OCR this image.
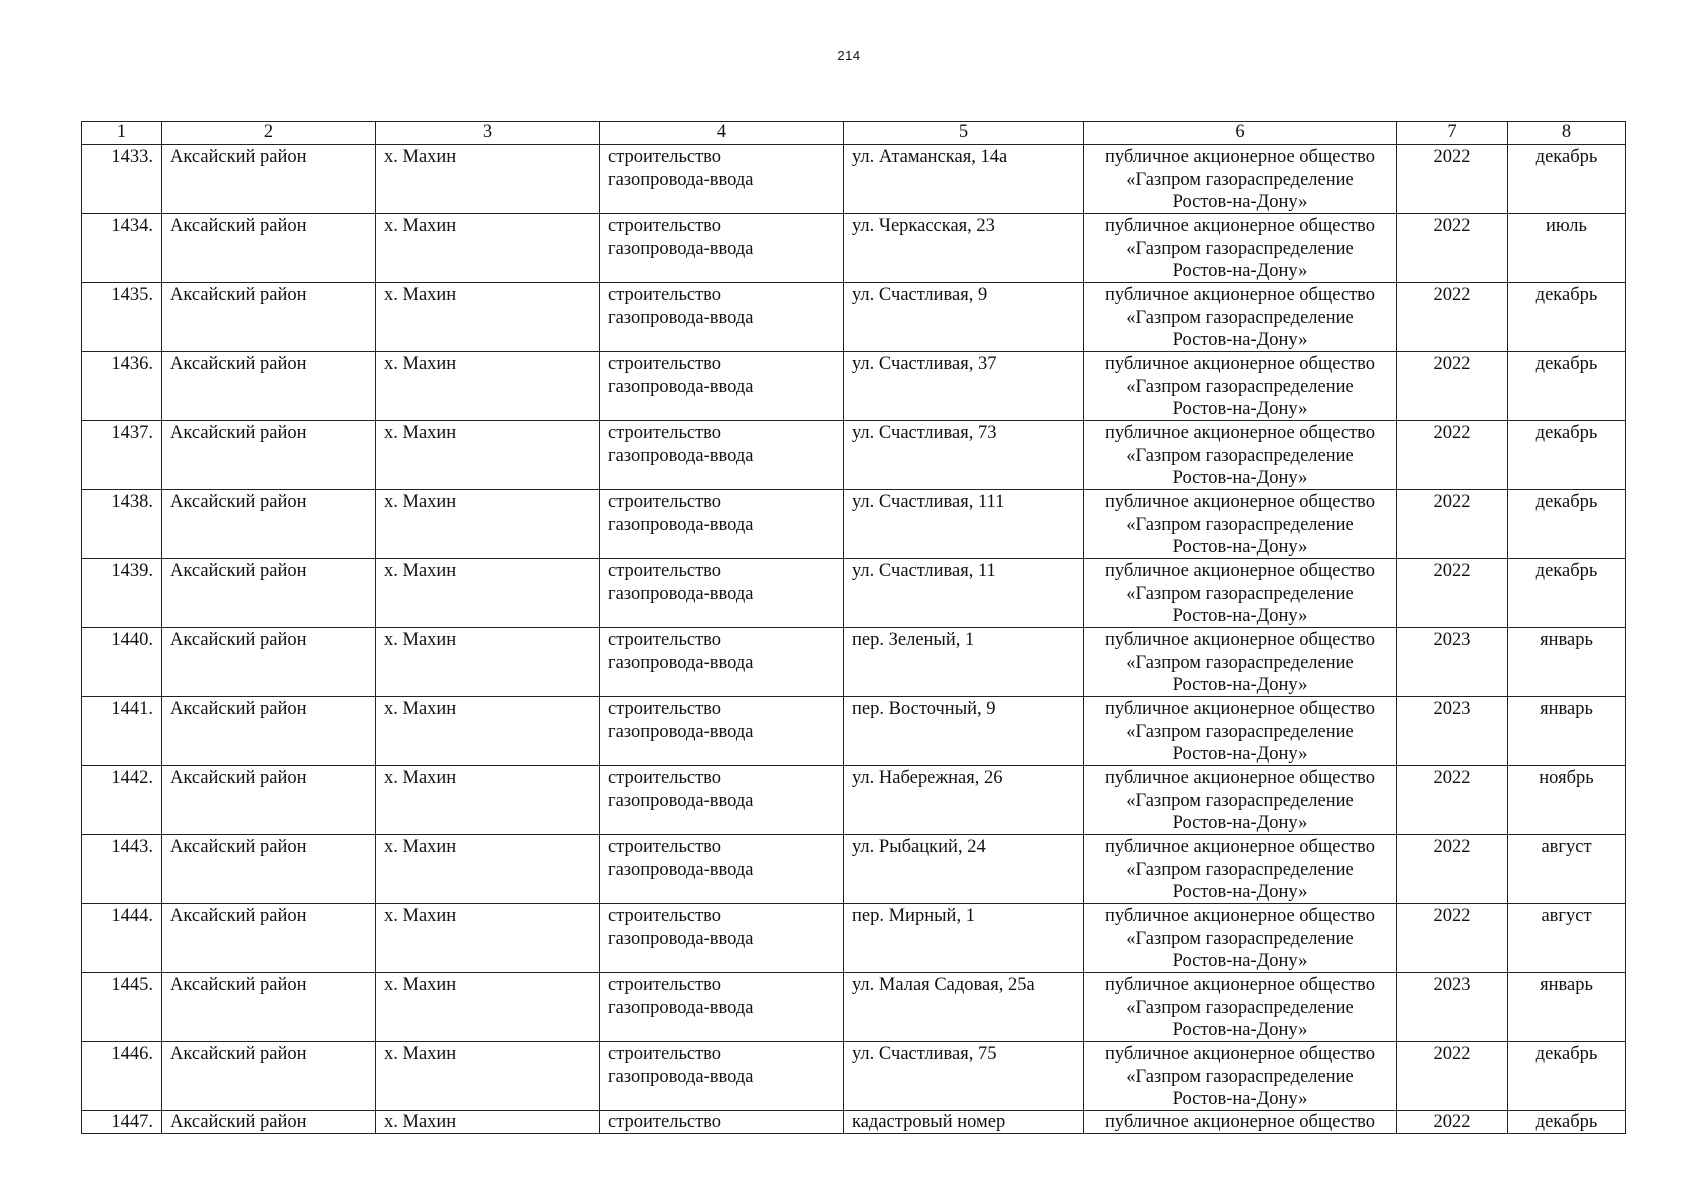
214
1	2	3	4	5	6	7	8
1433.	Аксайский район	х. Махин	строительство
газопровода-ввода	ул. Атаманская, 14а	публичное акционерное общество
«Газпром газораспределение
Ростов-на-Дону»	2022	декабрь
1434.	Аксайский район	х. Махин	строительство
газопровода-ввода	ул. Черкасская, 23	публичное акционерное общество
«Газпром газораспределение
Ростов-на-Дону»	2022	июль
1435.	Аксайский район	х. Махин	строительство
газопровода-ввода	ул. Счастливая, 9	публичное акционерное общество
«Газпром газораспределение
Ростов-на-Дону»	2022	декабрь
1436.	Аксайский район	х. Махин	строительство
газопровода-ввода	ул. Счастливая, 37	публичное акционерное общество
«Газпром газораспределение
Ростов-на-Дону»	2022	декабрь
1437.	Аксайский район	х. Махин	строительство
газопровода-ввода	ул. Счастливая, 73	публичное акционерное общество
«Газпром газораспределение
Ростов-на-Дону»	2022	декабрь
1438.	Аксайский район	х. Махин	строительство
газопровода-ввода	ул. Счастливая, 111	публичное акционерное общество
«Газпром газораспределение
Ростов-на-Дону»	2022	декабрь
1439.	Аксайский район	х. Махин	строительство
газопровода-ввода	ул. Счастливая, 11	публичное акционерное общество
«Газпром газораспределение
Ростов-на-Дону»	2022	декабрь
1440.	Аксайский район	х. Махин	строительство
газопровода-ввода	пер. Зеленый, 1	публичное акционерное общество
«Газпром газораспределение
Ростов-на-Дону»	2023	январь
1441.	Аксайский район	х. Махин	строительство
газопровода-ввода	пер. Восточный, 9	публичное акционерное общество
«Газпром газораспределение
Ростов-на-Дону»	2023	январь
1442.	Аксайский район	х. Махин	строительство
газопровода-ввода	ул. Набережная, 26	публичное акционерное общество
«Газпром газораспределение
Ростов-на-Дону»	2022	ноябрь
1443.	Аксайский район	х. Махин	строительство
газопровода-ввода	ул. Рыбацкий, 24	публичное акционерное общество
«Газпром газораспределение
Ростов-на-Дону»	2022	август
1444.	Аксайский район	х. Махин	строительство
газопровода-ввода	пер. Мирный, 1	публичное акционерное общество
«Газпром газораспределение
Ростов-на-Дону»	2022	август
1445.	Аксайский район	х. Махин	строительство
газопровода-ввода	ул. Малая Садовая, 25а	публичное акционерное общество
«Газпром газораспределение
Ростов-на-Дону»	2023	январь
1446.	Аксайский район	х. Махин	строительство
газопровода-ввода	ул. Счастливая, 75	публичное акционерное общество
«Газпром газораспределение
Ростов-на-Дону»	2022	декабрь
1447.	Аксайский район	х. Махин	строительство	кадастровый номер	публичное акционерное общество	2022	декабрь
